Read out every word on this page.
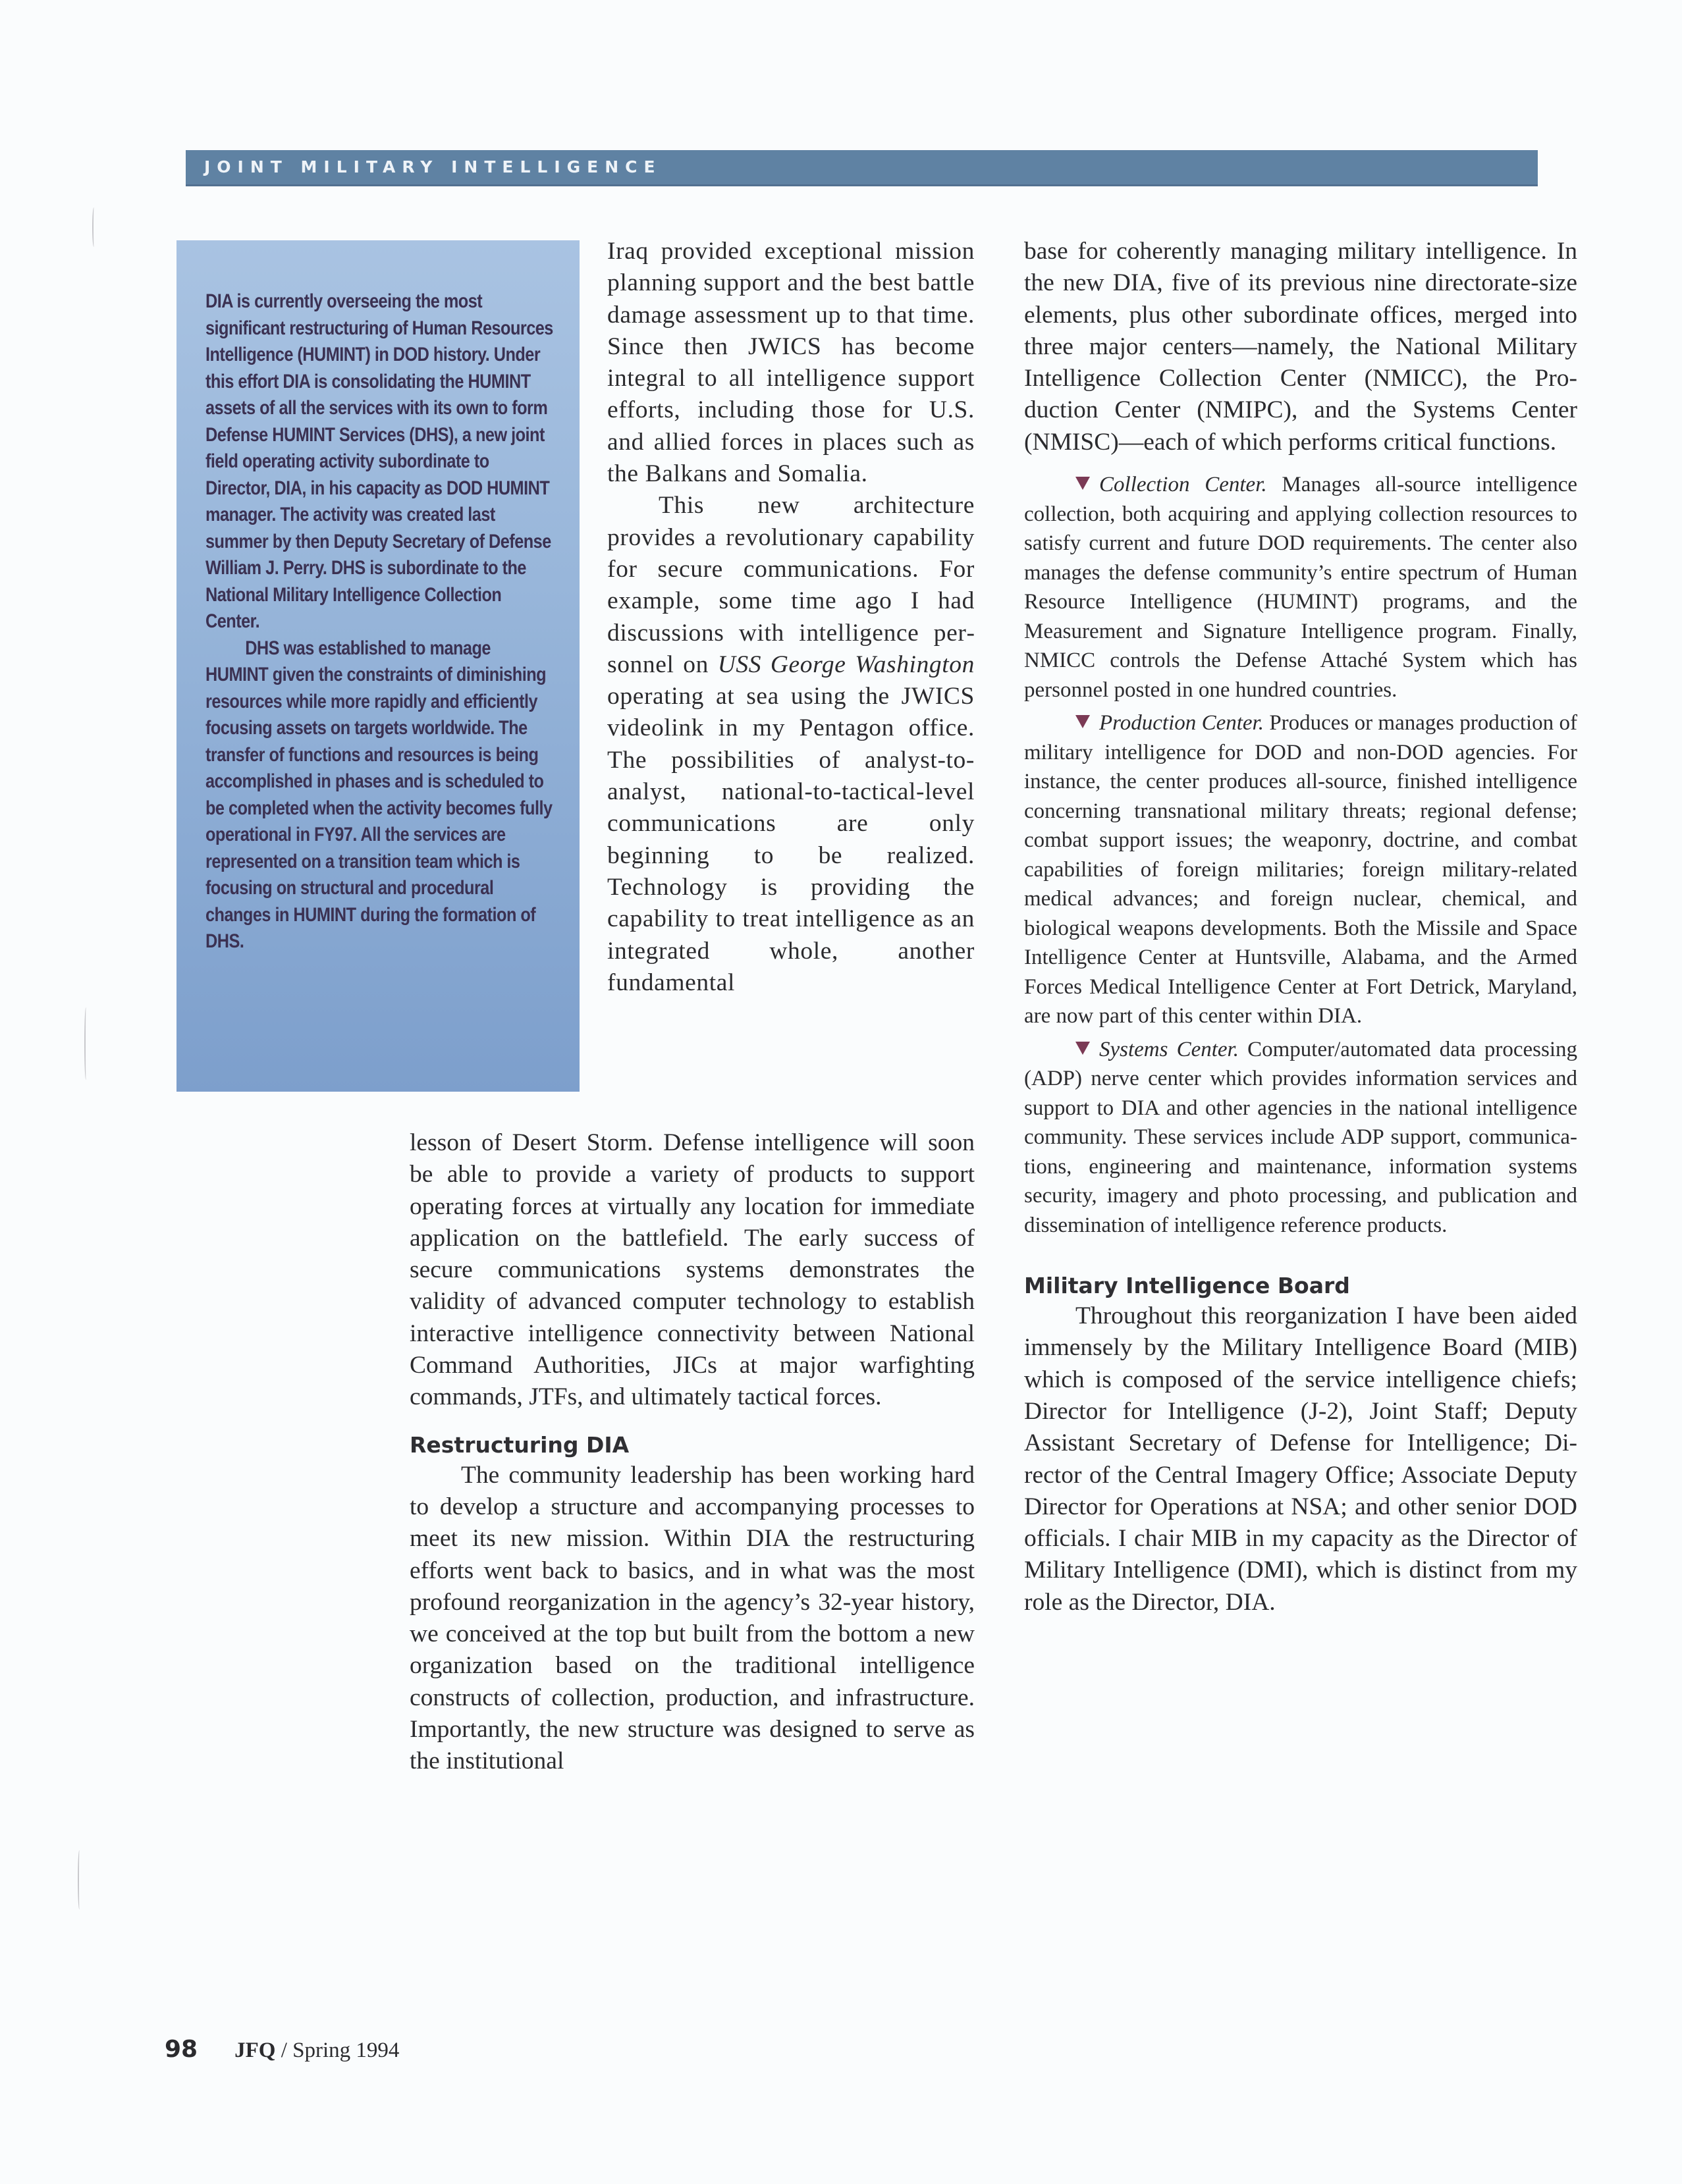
JOINT MILITARY INTELLIGENCE

DIA is currently overseeing the most significant restructuring of Human Resources Intelligence (HUMINT) in DOD history. Under this effort DIA is consolidating the HUMINT assets of all the services with its own to form Defense HUMINT Services (DHS), a new joint field operating activity subordinate to Director, DIA, in his capacity as DOD HUMINT manager. The activity was created last summer by then Deputy Secretary of Defense William J. Perry. DHS is subordinate to the National Military Intelligence Collection Center.

DHS was established to manage HUMINT given the constraints of diminishing resources while more rapidly and efficiently focusing assets on targets worldwide. The transfer of functions and resources is being accomplished in phases and is scheduled to be completed when the activity becomes fully operational in FY97. All the services are represented on a transition team which is focusing on structural and procedural changes in HUMINT during the formation of DHS.

Iraq provided exceptional mission planning support and the best battle damage assessment up to that time. Since then JWICS has become integral to all intelligence support efforts, including those for U.S. and allied forces in places such as the Balkans and Somalia.

This new architecture provides a revolutionary capability for secure communications. For example, some time ago I had discussions with intelligence personnel on USS George Washington operating at sea using the JWICS videolink in my Pentagon office. The possibilities of analyst-to-analyst, national-to-tactical-level communications are only beginning to be realized. Technology is providing the capability to treat intelligence as an integrated whole, another fundamental

lesson of Desert Storm. Defense intelligence will soon be able to provide a variety of products to support operating forces at virtually any location for immediate application on the battlefield. The early success of secure communications systems demonstrates the validity of advanced computer technology to establish interactive intelligence connectivity between National Command Authorities, JICs at major warfighting commands, JTFs, and ultimately tactical forces.

Restructuring DIA

The community leadership has been working hard to develop a structure and accompanying processes to meet its new mission. Within DIA the restructuring efforts went back to basics, and in what was the most profound reorganization in the agency’s 32-year history, we conceived at the top but built from the bottom a new organization based on the traditional intelligence constructs of collection, production, and infrastructure. Importantly, the new structure was designed to serve as the institutional

base for coherently managing military intelligence. In the new DIA, five of its previous nine directorate-size elements, plus other subordinate offices, merged into three major centers—namely, the National Military Intelligence Collection Center (NMICC), the Production Center (NMIPC), and the Systems Center (NMISC)—each of which performs critical functions.

Collection Center. Manages all-source intelligence collection, both acquiring and applying collection resources to satisfy current and future DOD requirements. The center also manages the defense community’s entire spectrum of Human Resource Intelligence (HUMINT) programs, and the Measurement and Signature Intelligence program. Finally, NMICC controls the Defense Attaché System which has personnel posted in one hundred countries.

Production Center. Produces or manages production of military intelligence for DOD and non-DOD agencies. For instance, the center produces all-source, finished intelligence concerning transnational military threats; regional defense; combat support issues; the weaponry, doctrine, and combat capabilities of foreign militaries; foreign military-related medical advances; and foreign nuclear, chemical, and biological weapons developments. Both the Missile and Space Intelligence Center at Huntsville, Alabama, and the Armed Forces Medical Intelligence Center at Fort Detrick, Maryland, are now part of this center within DIA.

Systems Center. Computer/automated data processing (ADP) nerve center which provides information services and support to DIA and other agencies in the national intelligence community. These services include ADP support, communications, engineering and maintenance, information systems security, imagery and photo processing, and publication and dissemination of intelligence reference products.

Military Intelligence Board

Throughout this reorganization I have been aided immensely by the Military Intelligence Board (MIB) which is composed of the service intelligence chiefs; Director for Intelligence (J-2), Joint Staff; Deputy Assistant Secretary of Defense for Intelligence; Director of the Central Imagery Office; Associate Deputy Director for Operations at NSA; and other senior DOD officials. I chair MIB in my capacity as the Director of Military Intelligence (DMI), which is distinct from my role as the Director, DIA.

98 JFQ / Spring 1994
